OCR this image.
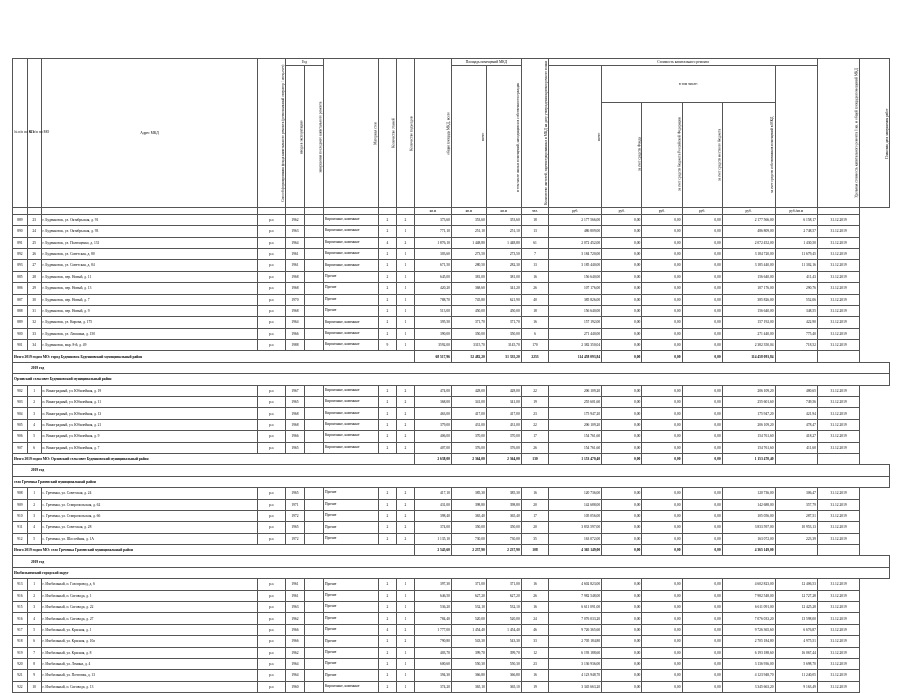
№ п/п по КП	№ п/п по МО	Адрес МКД	Способ формирования фонда капитального ремонта (региональный оператор / спец.счет)	Год		Материал стен	Количество этажей	Количество подъездов	общая площадь МКД, всего	Площадь помещений МКД		Количество жителей, зарегистрированных в МКД на дату утверждения краткосрочного плана	Стоимость капитального ремонта						Удельная стоимость капитального ремонта 1 кв. м общей площади помещений МКД	Плановая дата завершения работ
				ввода в эксплуатацию	завершения последнего капитального ремонта					всего	в том числе жилых помещений, находящихся в собственности граждан		всего	в том числе:						
														за счет средств Фонда	за счет средств бюджета Российской Федерации	за счет средств местного бюджета	за счет средств собственников помещений в МКД			
									кв.м	кв.м	кв.м	чел.	руб.	руб.	руб.	руб.	руб.	руб./кв.м		
889	23	г. Буденновск, ул. Октябрьская, д. 91	р.о.	1962		Кирпичные, каменные	2	2	373,60	353,60	353,60	18	2 177 566,00	0,00	0,00	0,00	2 177 566,00	6 158,17	31.12.2019	
890	24	г. Буденновск, ул. Октябрьская, д. 93	р.о.	1963		Кирпичные, каменные	2	1	771,10	251,10	251,10	13	486 809,00	0,00	0,00	0,00	486 809,00	2 748,57	31.12.2019	
891	25	г. Буденновск, ул. Полющенко, д. 131	р.о.	1964		Кирпичные, каменные	4	2	1 876,10	1 448,80	1 448,80	61	2 072 452,00	0,00	0,00	0,00	2 072 452,00	1 430,50	31.12.2019	
892	26	г. Буденновск, ул. Советская, д. 80	р.о.	1961		Кирпичные, каменные	2	1	303,60	273,50	273,50	7	3 184 720,00	0,00	0,00	0,00	3 184 720,00	11 679,45	31.12.2019	
893	27	г. Буденновск, ул. Советская, д. 84	р.о.	1961		Кирпичные, каменные	2	1	671,50	280,50	282,30	13	3 185 440,00	0,00	0,00	0,00	3 185 440,00	11 302,16	31.12.2019	
885	28	г. Буденновск, пер. Новый, д. 11	р.о.	1968		Прочие	2	1	645,00	381,00	381,00	16	156 640,00	0,00	0,00	0,00	156 640,00	411,43	31.12.2019	
886	29	г. Буденновск, пер. Новый, д. 13	р.о.	1968		Прочие	2	1	420,20	368,60	341,20	26	107 176,00	0,00	0,00	0,00	107 176,00	290,76	31.12.2019	
887	30	г. Буденновск, пер. Новый, д. 7	р.о.	1970		Прочие	2	1	788,70	745,80	621,90	40	385 826,00	0,00	0,00	0,00	385 826,00	552,06	31.12.2019	
888	31	г. Буденновск, пер. Новый, д. 9	р.о.	1968		Прочие	2	1	513,00	450,00	450,00	18	156 640,00	0,00	0,00	0,00	156 640,00	348,55	31.12.2019	
889	32	г. Буденновск, ул. Кирова, д. 175	р.о.	1964		Кирпичные, каменные	2	1	395,50	371,70	371,70	16	157 192,00	0,00	0,00	0,00	157 192,00	422,90	31.12.2019	
900	33	г. Буденновск, ул. Лапшина, д. 150	р.о.	1966		Кирпичные, каменные	2	1	390,00	350,00	350,00	6	271 440,00	0,00	0,00	0,00	271 440,00	775,40	31.12.2019	
901	34	г. Буденновск, мкр. 8-й, д. 49	р.о.	1988		Кирпичные, каменные	9	1	3592,00	3315,70	3145,70	170	2 382 350,04	0,00	0,00	0,00	2 382 350,04	718,52	31.12.2019	
Итого 2019 годом МО: город Буденновск Буденновский муниципальный район									68 517,96	52 482,20	51 335,20	2253	114 458 093,84	0,00	0,00	0,00	114 458 093,84			
2019 год																				
Орловский сельсовет Буденновский муниципальный район																				
902	1	п. Виноградный, ул. Юбилейная, д. 19	р.о.	1967		Кирпичные, каменные	2	2	474,00	428,00	428,00	22	206 109,20	0,00	0,00	0,00	206 109,20	480,65	31.12.2019	
903	2	п. Виноградный, ул. Юбилейная, д. 11	р.о.	1965		Кирпичные, каменные	2	2	368,00	341,00	341,00	19	255 601,60	0,00	0,00	0,00	255 601,60	749,56	31.12.2019	
904	3	п. Виноградный, ул. Юбилейная, д. 13	р.о.	1968		Кирпичные, каменные	2	2	463,00	417,00	417,00	23	175 947,20	0,00	0,00	0,00	175 947,20	421,94	31.12.2019	
905	4	п. Виноградный, ул. Юбилейная, д. 21	р.о.	1968		Кирпичные, каменные	2	2	379,00	431,00	431,00	22	206 109,20	0,00	0,00	0,00	206 109,20	478,47	31.12.2019	
906	5	п. Виноградный, ул. Юбилейная, д. 9	р.о.	1966		Кирпичные, каменные	2	2	406,00	370,00	370,00	17	154 761,60	0,00	0,00	0,00	154 761,60	418,27	31.12.2019	
907	6	п. Виноградный, ул. Юбилейная, д. 7	р.о.	1965		Кирпичные, каменные	2	2	407,00	376,00	376,00	26	154 761,60	0,00	0,00	0,00	154 761,60	411,60	31.12.2019	
Итого 2019 годом МО: Орловский сельсовет Буденновский муниципальный район									2 638,00	2 364,00	2 364,00	130	1 153 470,40	0,00	0,00	0,00	1 153 470,40			
2019 год																				
село Греченка Грачевский муниципальный район																				
908	1	с. Греченка, ул. Советская, д. 24	р.о.	1965		Прочие	2	2	417,10	385,30	385,30	16	120 736,00	0,00	0,00	0,00	120 736,00	306,47	31.12.2019	
909	2	с. Греченка, ул. Ставропольская, д. 62	р.о.	1971		Прочие	2	2	431,00	398,80	398,80	20	142 688,00	0,00	0,00	0,00	142 688,00	357,79	31.12.2019	
910	3	с. Греченка, ул. Ставропольская, д. 66	р.о.	1972		Прочие	2	2	398,40	365,40	365,40	17	105 056,00	0,00	0,00	0,00	105 056,00	287,51	31.12.2019	
911	4	с. Греченка, ул. Советская, д. 28	р.о.	1965		Прочие	2	2	374,00	350,00	350,00	20	3 833 597,00	0,00	0,00	0,00	3 833 597,00	10 953,13	31.12.2019	
912	5	с. Греченка, ул. Шоссейная, д. 1А	р.о.	1972		Прочие	2	2	1 135,10	730,00	730,00	35	163 072,00	0,00	0,00	0,00	163 072,00	223,39	31.12.2019	
Итого 2019 годом МО: село Греченка Грачевский муниципальный район									2 545,60	2 237,90	2 237,90	108	4 365 149,00	0,00	0,00	0,00	4 365 149,00			
2019 год																				
Изобильненский городской округ																				
913	1	г. Изобильный, п. Газопровод, д. 6	р.о.	1961		Прочие	2	1	397,30	371,00	371,00	16	4 602 823,00	0,00	0,00	0,00	4 602 823,00	12 406,53	31.12.2019	
916	2	г. Изобильный, п. Сиговода, д. 1	р.о.	1961		Прочие	2	1	646,50	627,20	627,20	26	7 982 548,00	0,00	0,00	0,00	7 982 548,00	12 727,28	31.12.2019	
915	3	г. Изобильный, п. Сиговода, д. 22	р.о.	1963		Прочие	2	1	536,20	532,10	532,10	16	6 611 091,00	0,00	0,00	0,00	6 611 091,00	12 425,28	31.12.2019	
916	4	г. Изобильный, п. Сиговода, д. 27	р.о.	1962		Прочие	2	1	784,40	520,00	520,00	24	7 076 033,20	0,00	0,00	0,00	7 076 033,20	13 598,00	31.12.2019	
917	5	г. Изобильный, ул. Красная, д. 1	р.о.	1966		Прочие	4	2	1 777,00	1 454,40	1 454,40	46	9 726 365,60	0,00	0,00	0,00	9 726 365,60	6 676,87	31.12.2019	
918	6	г. Изобильный, ул. Красная, д. 10а	р.о.	1966		Прочие	2	2	790,80	543,30	543,30	33	2 705 184,80	0,00	0,00	0,00	2 705 184,80	4 975,51	31.12.2019	
919	7	г. Изобильный, ул. Красная, д. 8	р.о.	1962		Прочие	2	1	403,70	399,70	399,70	12	6 193 188,60	0,00	0,00	0,00	6 193 188,60	16 067,44	31.12.2019	
920	8	г. Изобильный, ул. Ленина, д. 4	р.о.	1964		Прочие	2	1	600,60	550,30	550,30	23	3 136 936,00	0,00	0,00	0,00	3 136 936,00	5 698,70	31.12.2019	
921	9	г. Изобильный, ул. Почтовая, д. 13	р.о.	1964		Прочие	2	1	394,30	366,80	366,80	16	4 123 948,70	0,00	0,00	0,00	4 123 948,70	11 240,05	31.12.2019	
922	10	г. Изобильный, п. Сиговода, д. 13	р.о.	1960		Кирпичные, каменные	2	1	374,20	365,10	365,10	19	3 345 663,20	0,00	0,00	0,00	3 345 663,20	9 163,49	31.12.2019	
